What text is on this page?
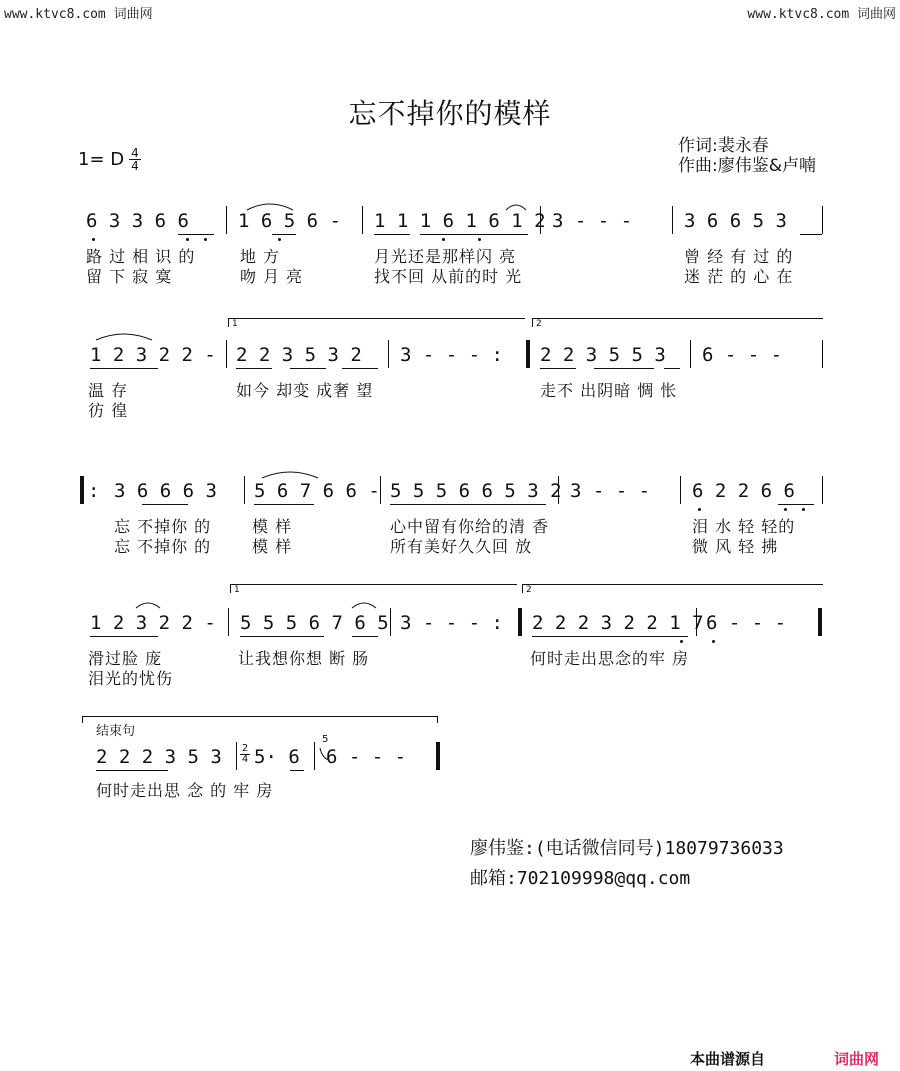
www.ktvc8.com 词曲网	www.ktvc8.com 词曲网
忘不掉你的模样
作词:裴永春
作曲:廖伟鉴&卢喃
1= D $\frac{4}{4}$
6 3 3 6 6	1 6 5 6 - 1 1 1 6 1 6 1 2 3 - - -	3 6 6 5 3
路 过 相 识 的	地 方	月光还是那样闪 亮	曾 经 有 过 的
留 下 寂 寞	吻 月 亮	找不回 从前的时 光	迷 茫 的 心 在
1	2
1 2 3 2 2 - 2 2 3 5 3 2 3 - - - : 2 2 3 5 5 3 6 - - -
温 存	如今 却变 成奢 望	走不 出阴暗 惆 怅
彷 徨
: 3 6 6 6 3 5 6 7 6 6 - 5 5 5 6 6 5 3 2 3 - - - 6 2 2 6 6
忘 不掉你 的	模 样	心中留有你给的清 香	泪 水 轻 轻的
忘 不掉你 的	模 样	所有美好久久回 放	微 风 轻 拂
1	2
1 2 3 2 2 - 5 5 5 6 7 6 5 3 - - - : 2 2 2 3 2 2 1 7 6 - - -
滑过脸 庞	让我想你想 断 肠	何时走出思念的牢 房
泪光的忧伤
结束句
2 2 2 3 5 $3 \frac{2}{4} 5\cdot 6$
5
6 - - -
何时走出思 念 的 牢 房
廖伟鉴:(电话微信同号)18079736033
邮箱:702109998@qq.com
本曲谱源自	词曲网
